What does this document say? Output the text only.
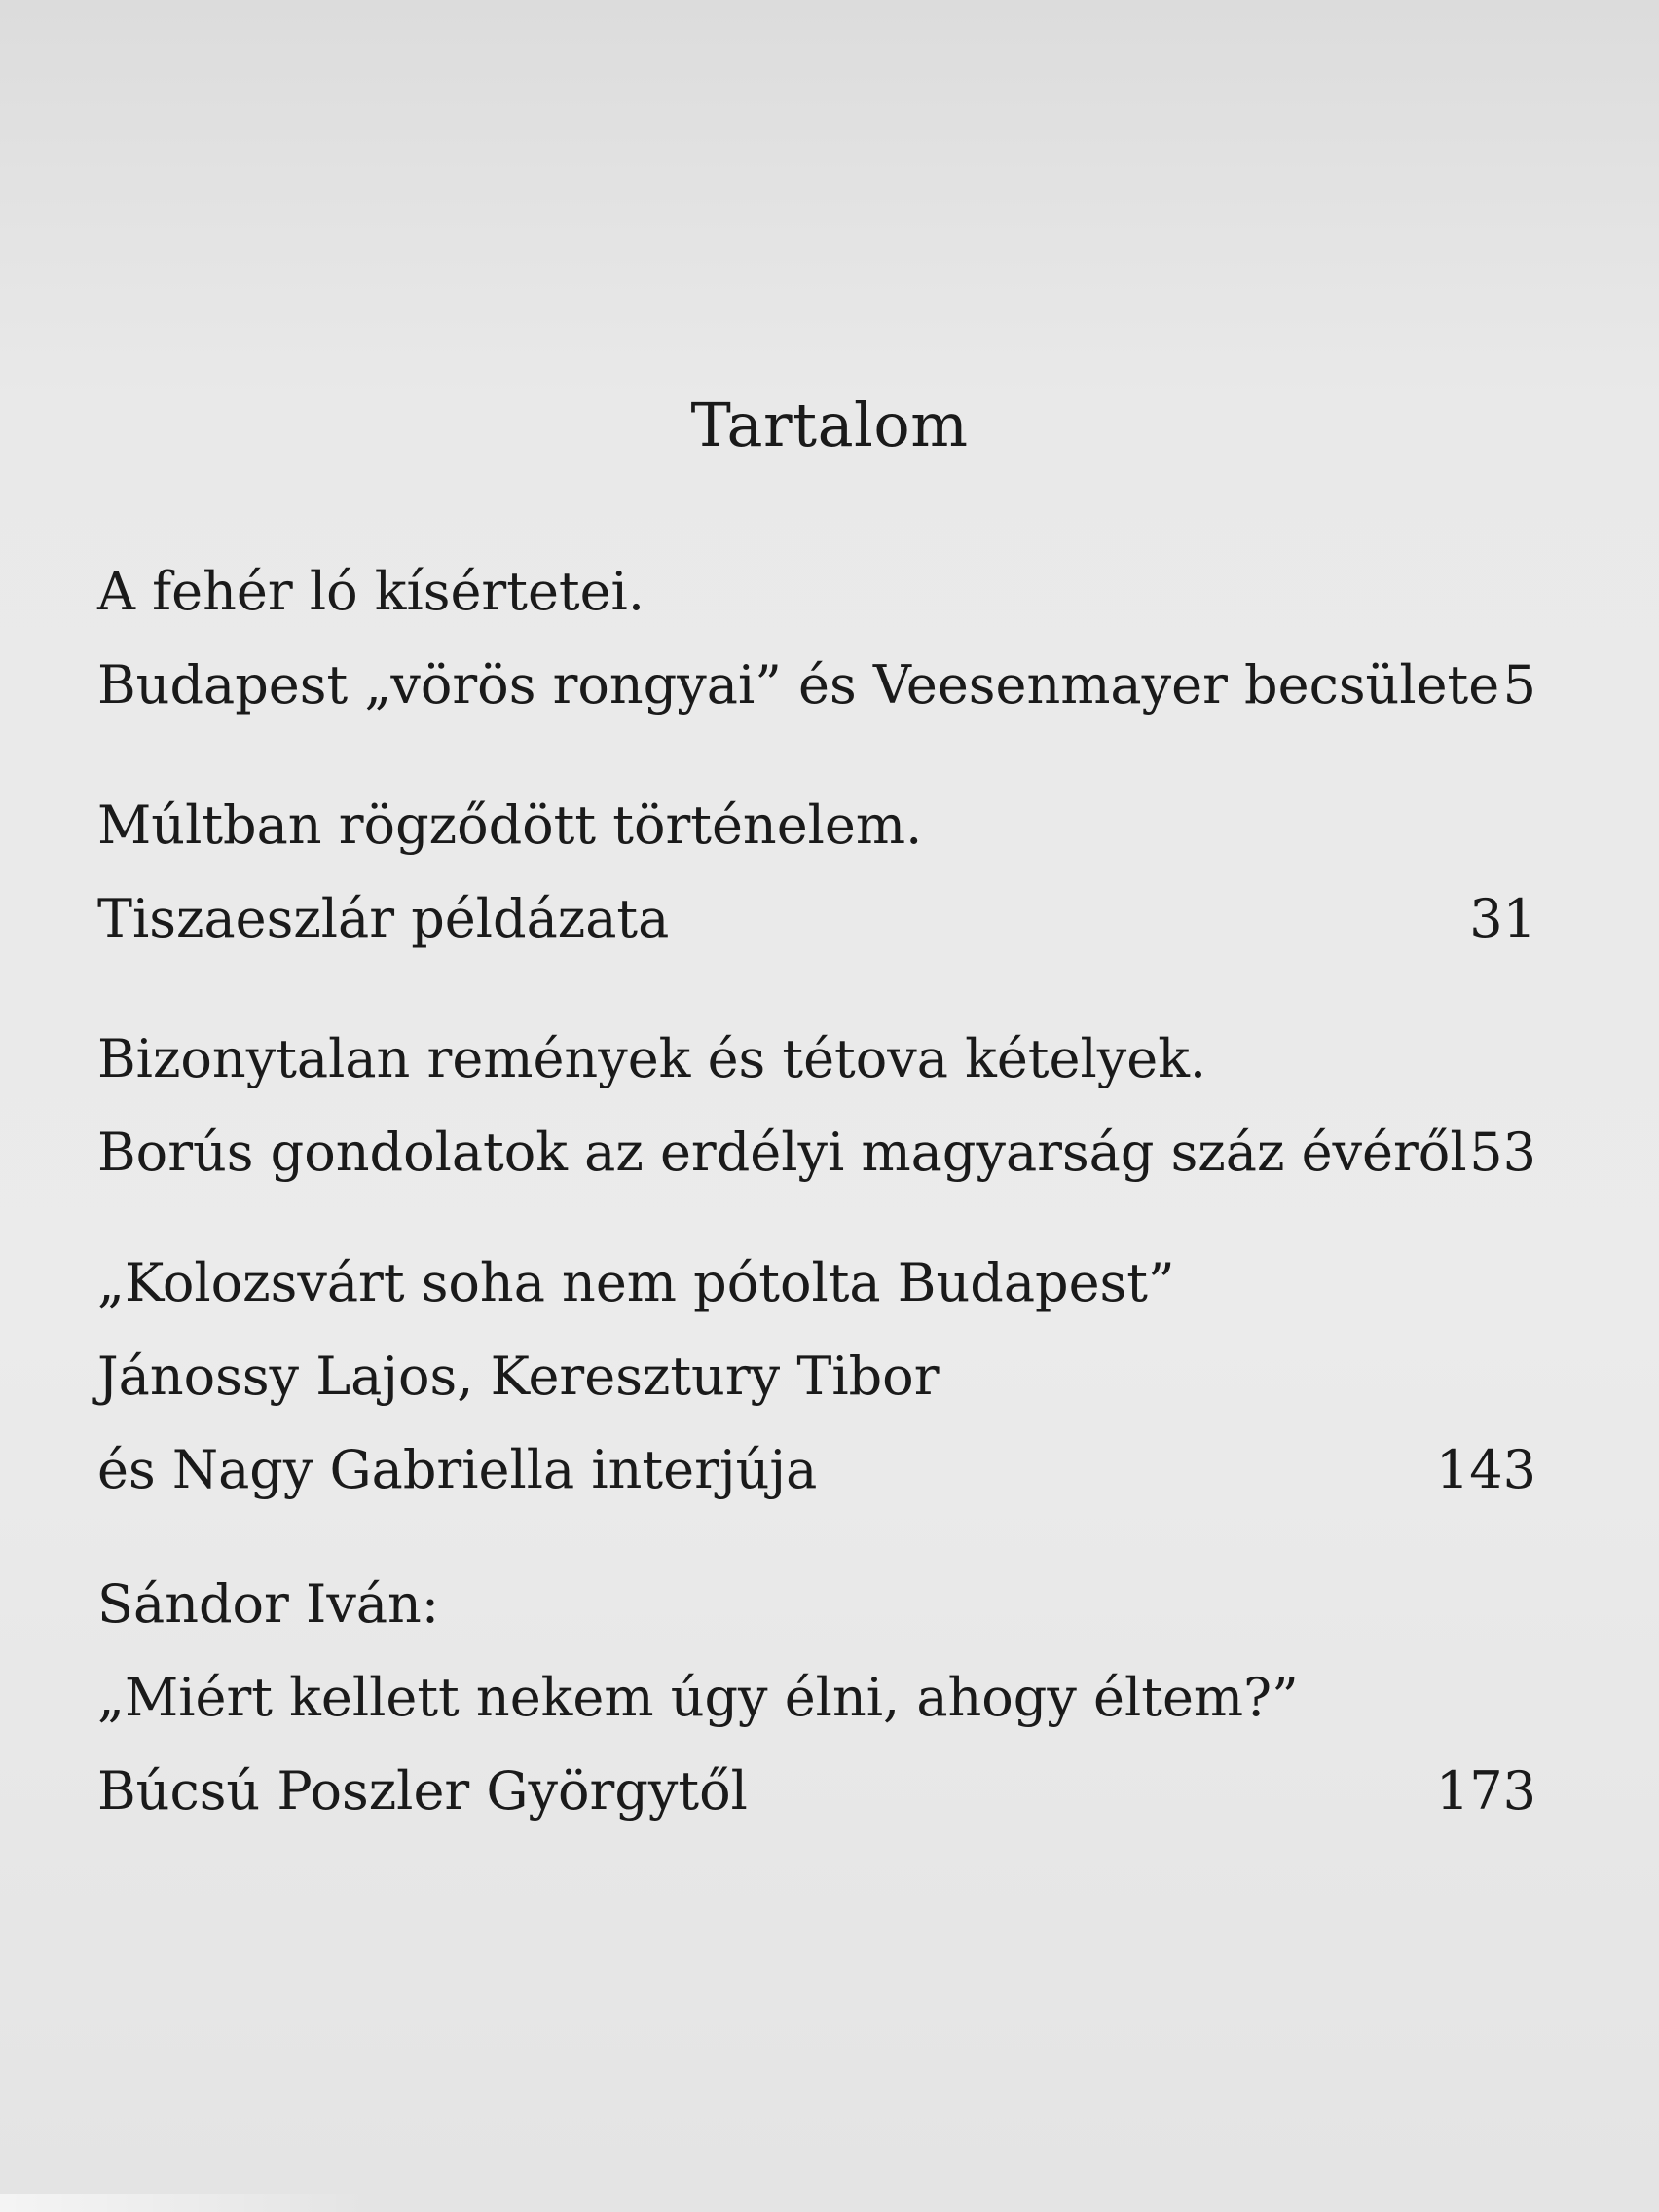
Tartalom
A fehér ló kísértetei.
Budapest „vörös rongyai” és Veesenmayer becsülete 5
Múltban rögződött történelem.
Tiszaeszlár példázata	31
Bizonytalan remények és tétova kételyek.
Borús gondolatok az erdélyi magyarság száz évéről 53
„Kolozsvárt soha nem pótolta Budapest”
Jánossy Lajos, Keresztury Tibor
és Nagy Gabriella interjúja	143
Sándor Iván:
„Miért kellett nekem úgy élni, ahogy éltem?”
Búcsú Poszler Györgytől	173
